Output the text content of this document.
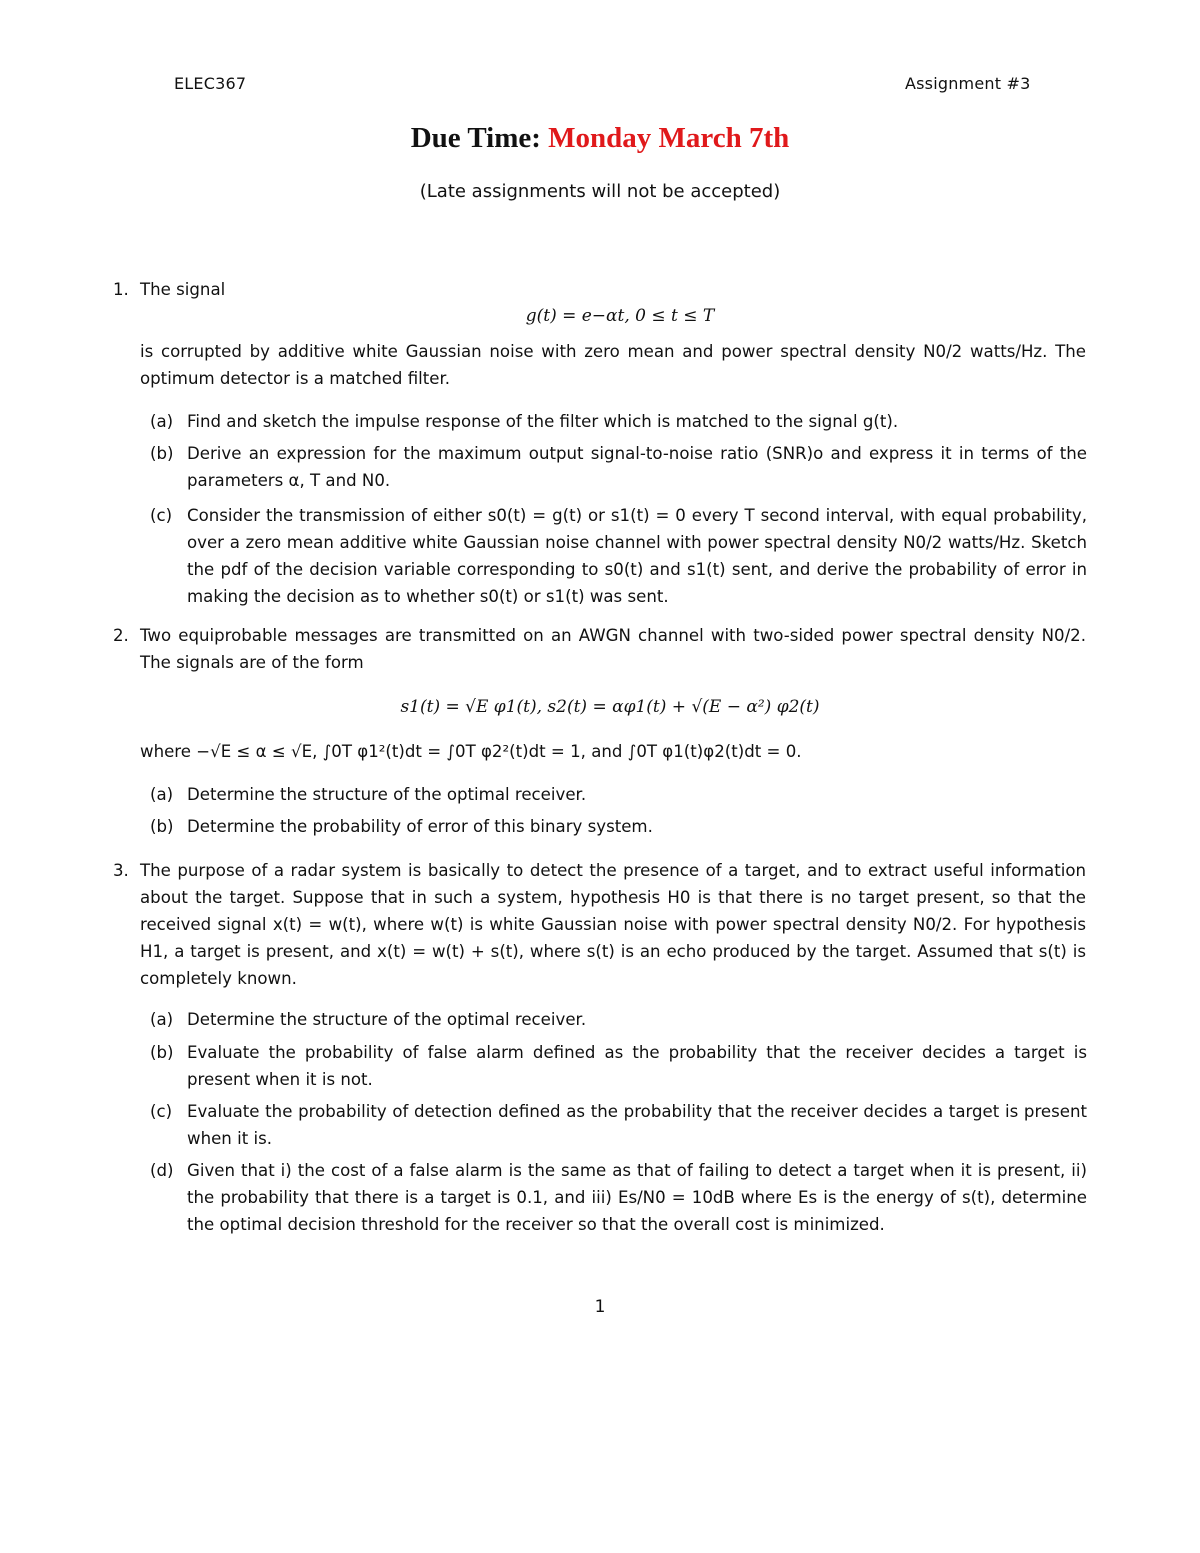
ELEC367	Assignment #3
Due Time: Monday March 7th
(Late assignments will not be accepted)
1. The signal
g(t) = e−αt, 0 ≤ t ≤ T
is corrupted by additive white Gaussian noise with zero mean and power spectral density N0/2 watts/Hz. The optimum detector is a matched filter.
(a) Find and sketch the impulse response of the filter which is matched to the signal g(t).
(b) Derive an expression for the maximum output signal-to-noise ratio (SNR)o and express it in terms of the parameters α, T and N0.
(c) Consider the transmission of either s0(t) = g(t) or s1(t) = 0 every T second interval, with equal probability, over a zero mean additive white Gaussian noise channel with power spectral density N0/2 watts/Hz. Sketch the pdf of the decision variable corresponding to s0(t) and s1(t) sent, and derive the probability of error in making the decision as to whether s0(t) or s1(t) was sent.
2. Two equiprobable messages are transmitted on an AWGN channel with two-sided power spectral density N0/2. The signals are of the form
s1(t) = √E φ1(t), s2(t) = αφ1(t) + √(E − α²) φ2(t)
where −√E ≤ α ≤ √E, ∫0T φ1²(t)dt = ∫0T φ2²(t)dt = 1, and ∫0T φ1(t)φ2(t)dt = 0.
(a) Determine the structure of the optimal receiver.
(b) Determine the probability of error of this binary system.
3. The purpose of a radar system is basically to detect the presence of a target, and to extract useful information about the target. Suppose that in such a system, hypothesis H0 is that there is no target present, so that the received signal x(t) = w(t), where w(t) is white Gaussian noise with power spectral density N0/2. For hypothesis H1, a target is present, and x(t) = w(t) + s(t), where s(t) is an echo produced by the target. Assumed that s(t) is completely known.
(a) Determine the structure of the optimal receiver.
(b) Evaluate the probability of false alarm defined as the probability that the receiver decides a target is present when it is not.
(c) Evaluate the probability of detection defined as the probability that the receiver decides a target is present when it is.
(d) Given that i) the cost of a false alarm is the same as that of failing to detect a target when it is present, ii) the probability that there is a target is 0.1, and iii) Es/N0 = 10dB where Es is the energy of s(t), determine the optimal decision threshold for the receiver so that the overall cost is minimized.
1
